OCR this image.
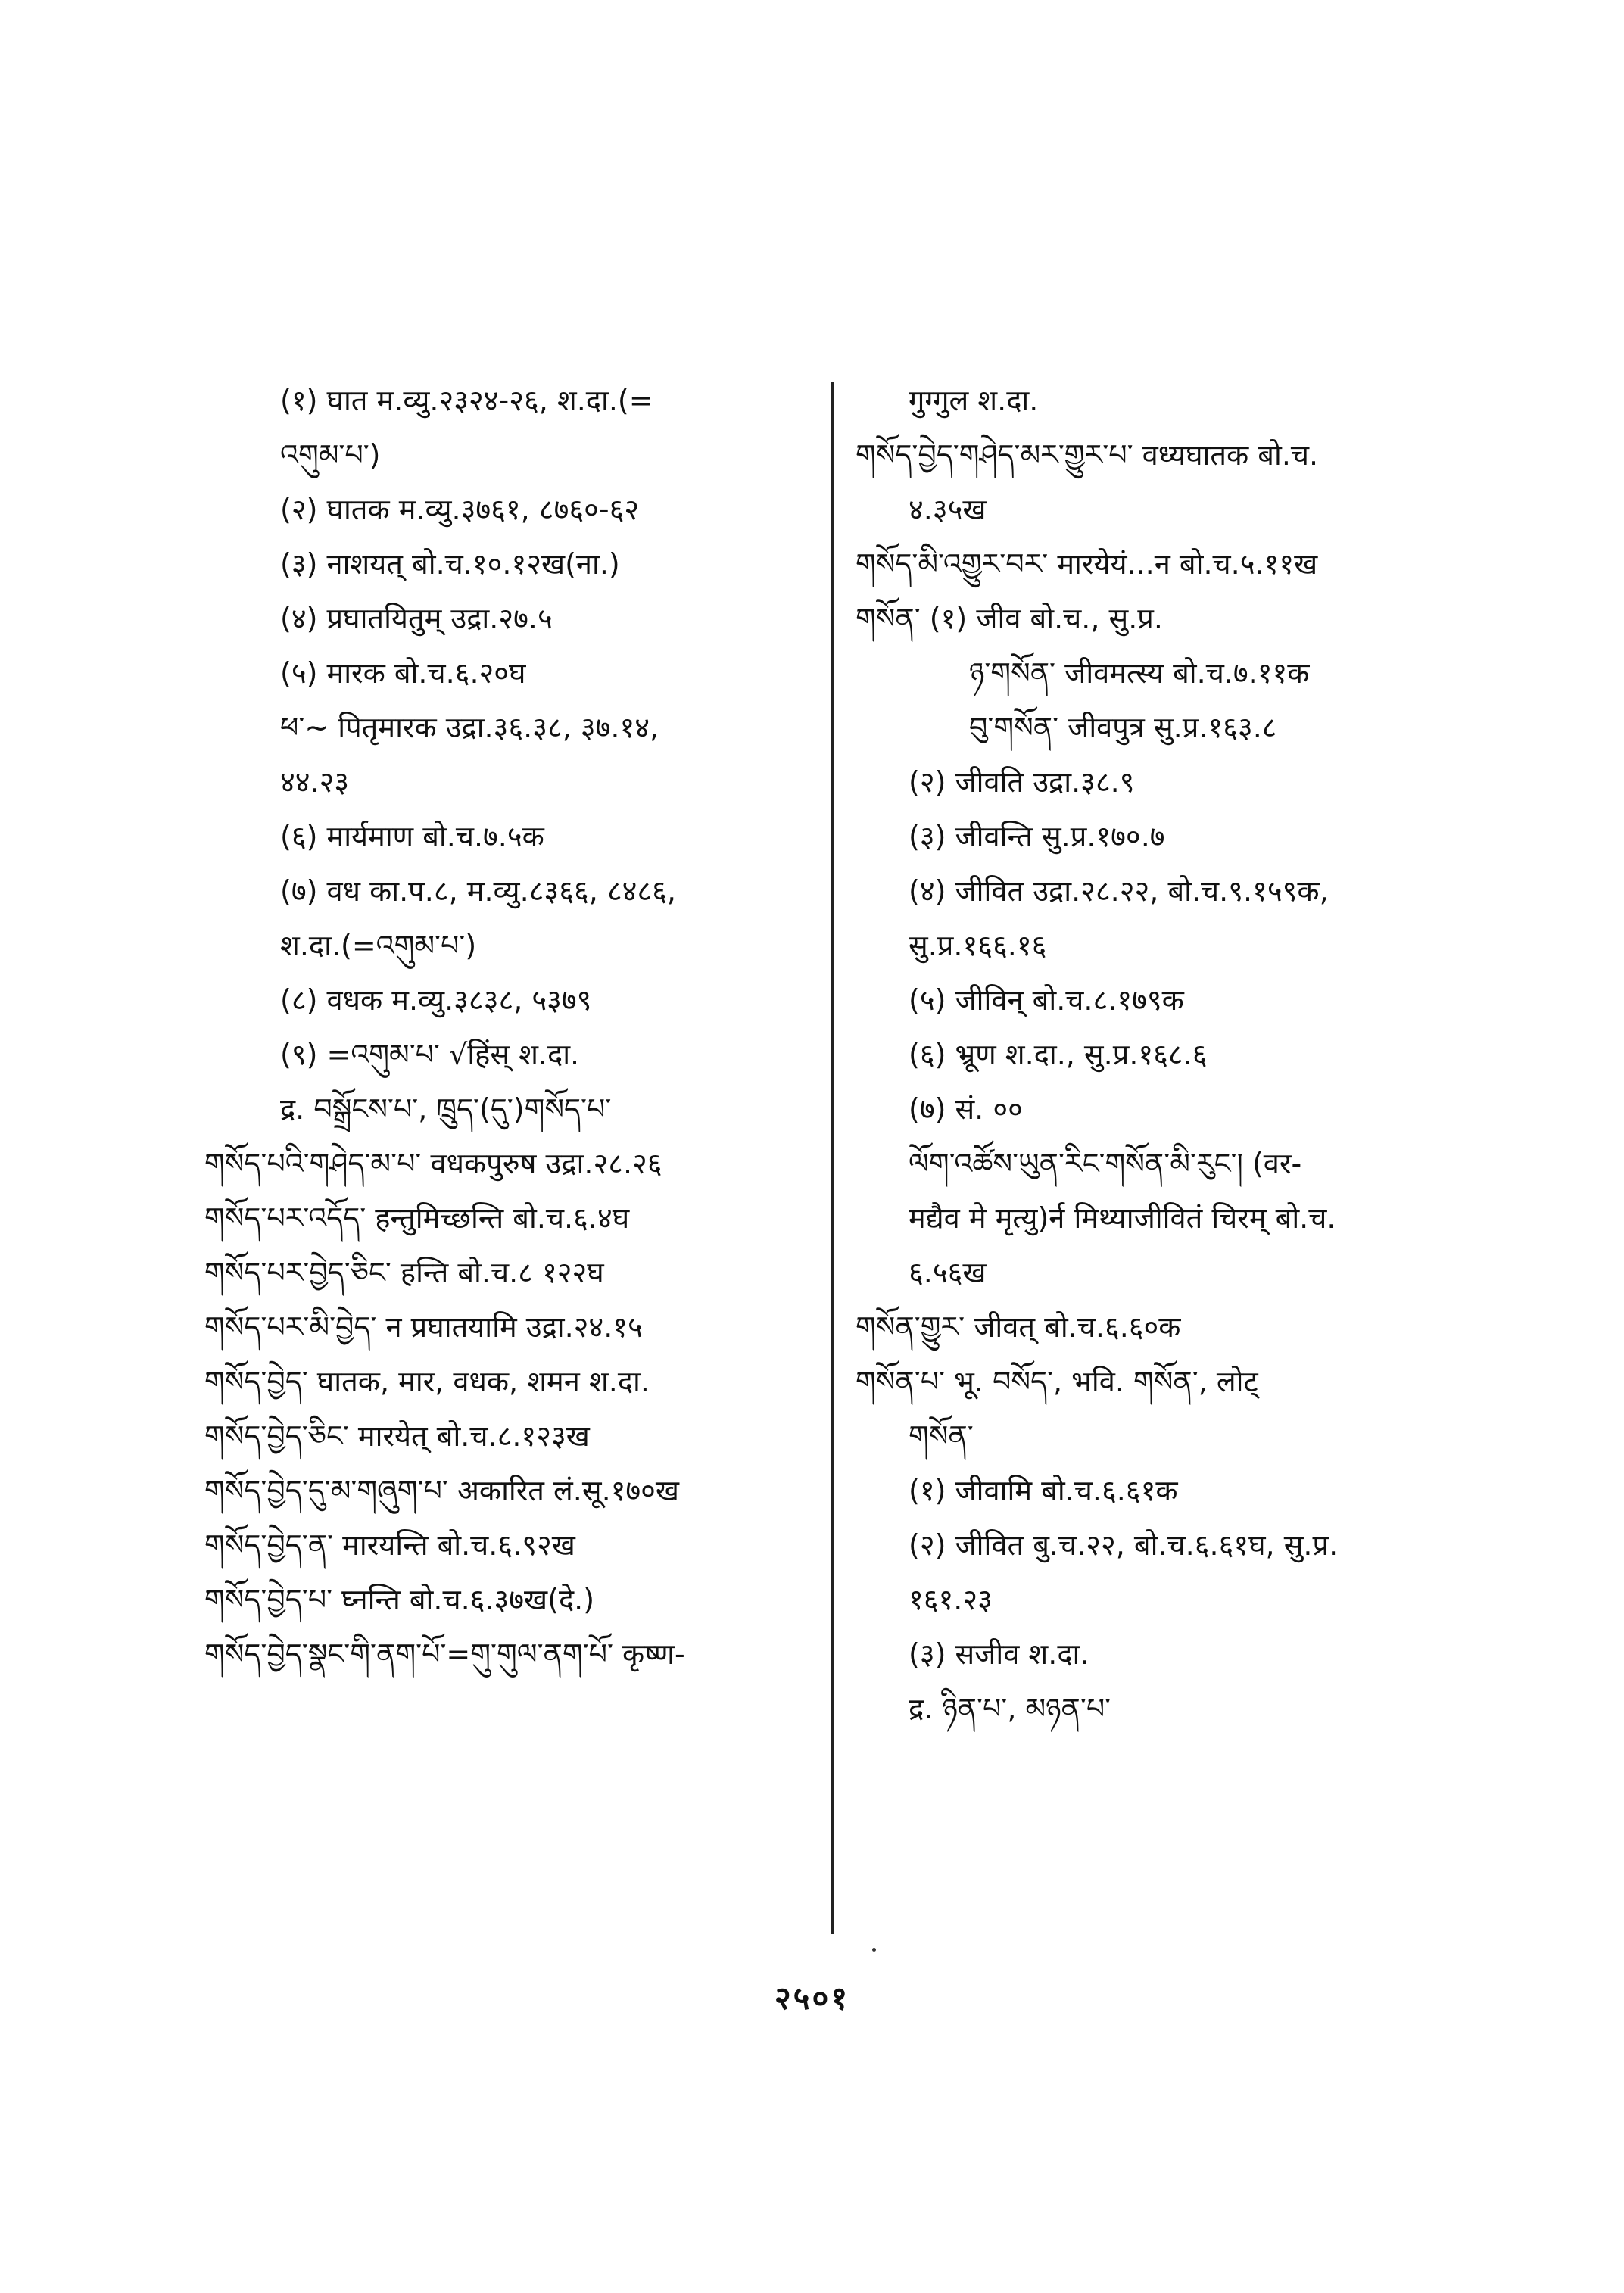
(१) घात म.व्यु.२३२४-२६, श.दा.(=
འགུམ་པ་)
(२) घातक म.व्यु.३७६१, ८७६०-६२
(३) नाशयत् बो.च.१०.१२ख(ना.)
(४) प्रघातयितुम् उद्रा.२७.५
(५) मारक बो.च.६.२०घ
ཕ་~ पितृमारक उद्रा.३६.३८, ३७.१४,
४४.२३
(६) मार्यमाण बो.च.७.५क
(७) वध का.प.८, म.व्यु.८३६६, ८४८६,
श.दा.(=འགུམ་པ་)
(८) वधक म.व्यु.३८३८, ५३७९
(९) =འགུམ་པ་ √हिंस् श.दा.
द्र. བསྒྲོངས་པ་, ཁྲུད་(དུ་)གསོད་པ་
གསོད་པའི་གཤེད་མ་པ་ वधकपुरुष उद्रा.२८.२६
གསོད་པར་འདོད་ हन्तुमिच्छन्ति बो.च.६.४घ
གསོད་པར་བྱེད་ཅིང་ हन्ति बो.च.८ १२२घ
གསོད་པར་མི་བྱེད་ न प्रघातयामि उद्रा.२४.१५
གསོད་བྱེད་ घातक, मार, वधक, शमन श.दा.
གསོད་བྱེད་ཅིང་ मारयेत् बो.च.८.१२३ख
གསོད་བྱེད་དུ་མ་གཞུག་པ་ अकारित लं.सू.१७०ख
གསོད་བྱེད་ན་ मारयन्ति बो.च.६.९२ख
གསོད་བྱེད་པ་ घ्नन्ति बो.च.६.३७ख(दे.)
གསོད་བྱེད་སྣང་གི་ནག་པོ་=གུ་གུལ་ནག་པོ་ कृष्ण-
गुग्गुल श.दा.
གསོད་བྱེད་གཤེད་མར་གྱུར་པ་ वध्यघातक बो.च.
४.३५ख
གསོད་མི་འགྱུར་བར་ मारयेयं...न बो.च.५.११ख
གསོན་ (१) जीव बो.च., सु.प्र.
ཉ་གསོན་ जीवमत्स्य बो.च.७.११क
བུ་གསོན་ जीवपुत्र सु.प्र.१६३.८
(२) जीवति उद्रा.३८.९
(३) जीवन्ति सु.प्र.१७०.७
(४) जीवित उद्रा.२८.२२, बो.च.९.१५९क,
सु.प्र.१६६.१६
(५) जीविन् बो.च.८.१७९क
(६) भ्रूण श.दा., सु.प्र.१६८.६
(७) सं. ००
ལོག་འཚོས་ཡུན་རིང་གསོན་མི་རུང་། (वर-
मद्यैव मे मृत्यु)र्न मिथ्याजीवितं चिरम् बो.च.
६.५६ख
གསོན་གྱུར་ जीवत् बो.च.६.६०क
གསོན་པ་ भू. བསོད་, भवि. གསོན་, लोट्
གསོན་
(१) जीवामि बो.च.६.६१क
(२) जीवित बु.च.२२, बो.च.६.६१घ, सु.प्र.
१६१.२३
(३) सजीव श.दा.
द्र. ཉིན་པ་, མཉན་པ་
२५०१
